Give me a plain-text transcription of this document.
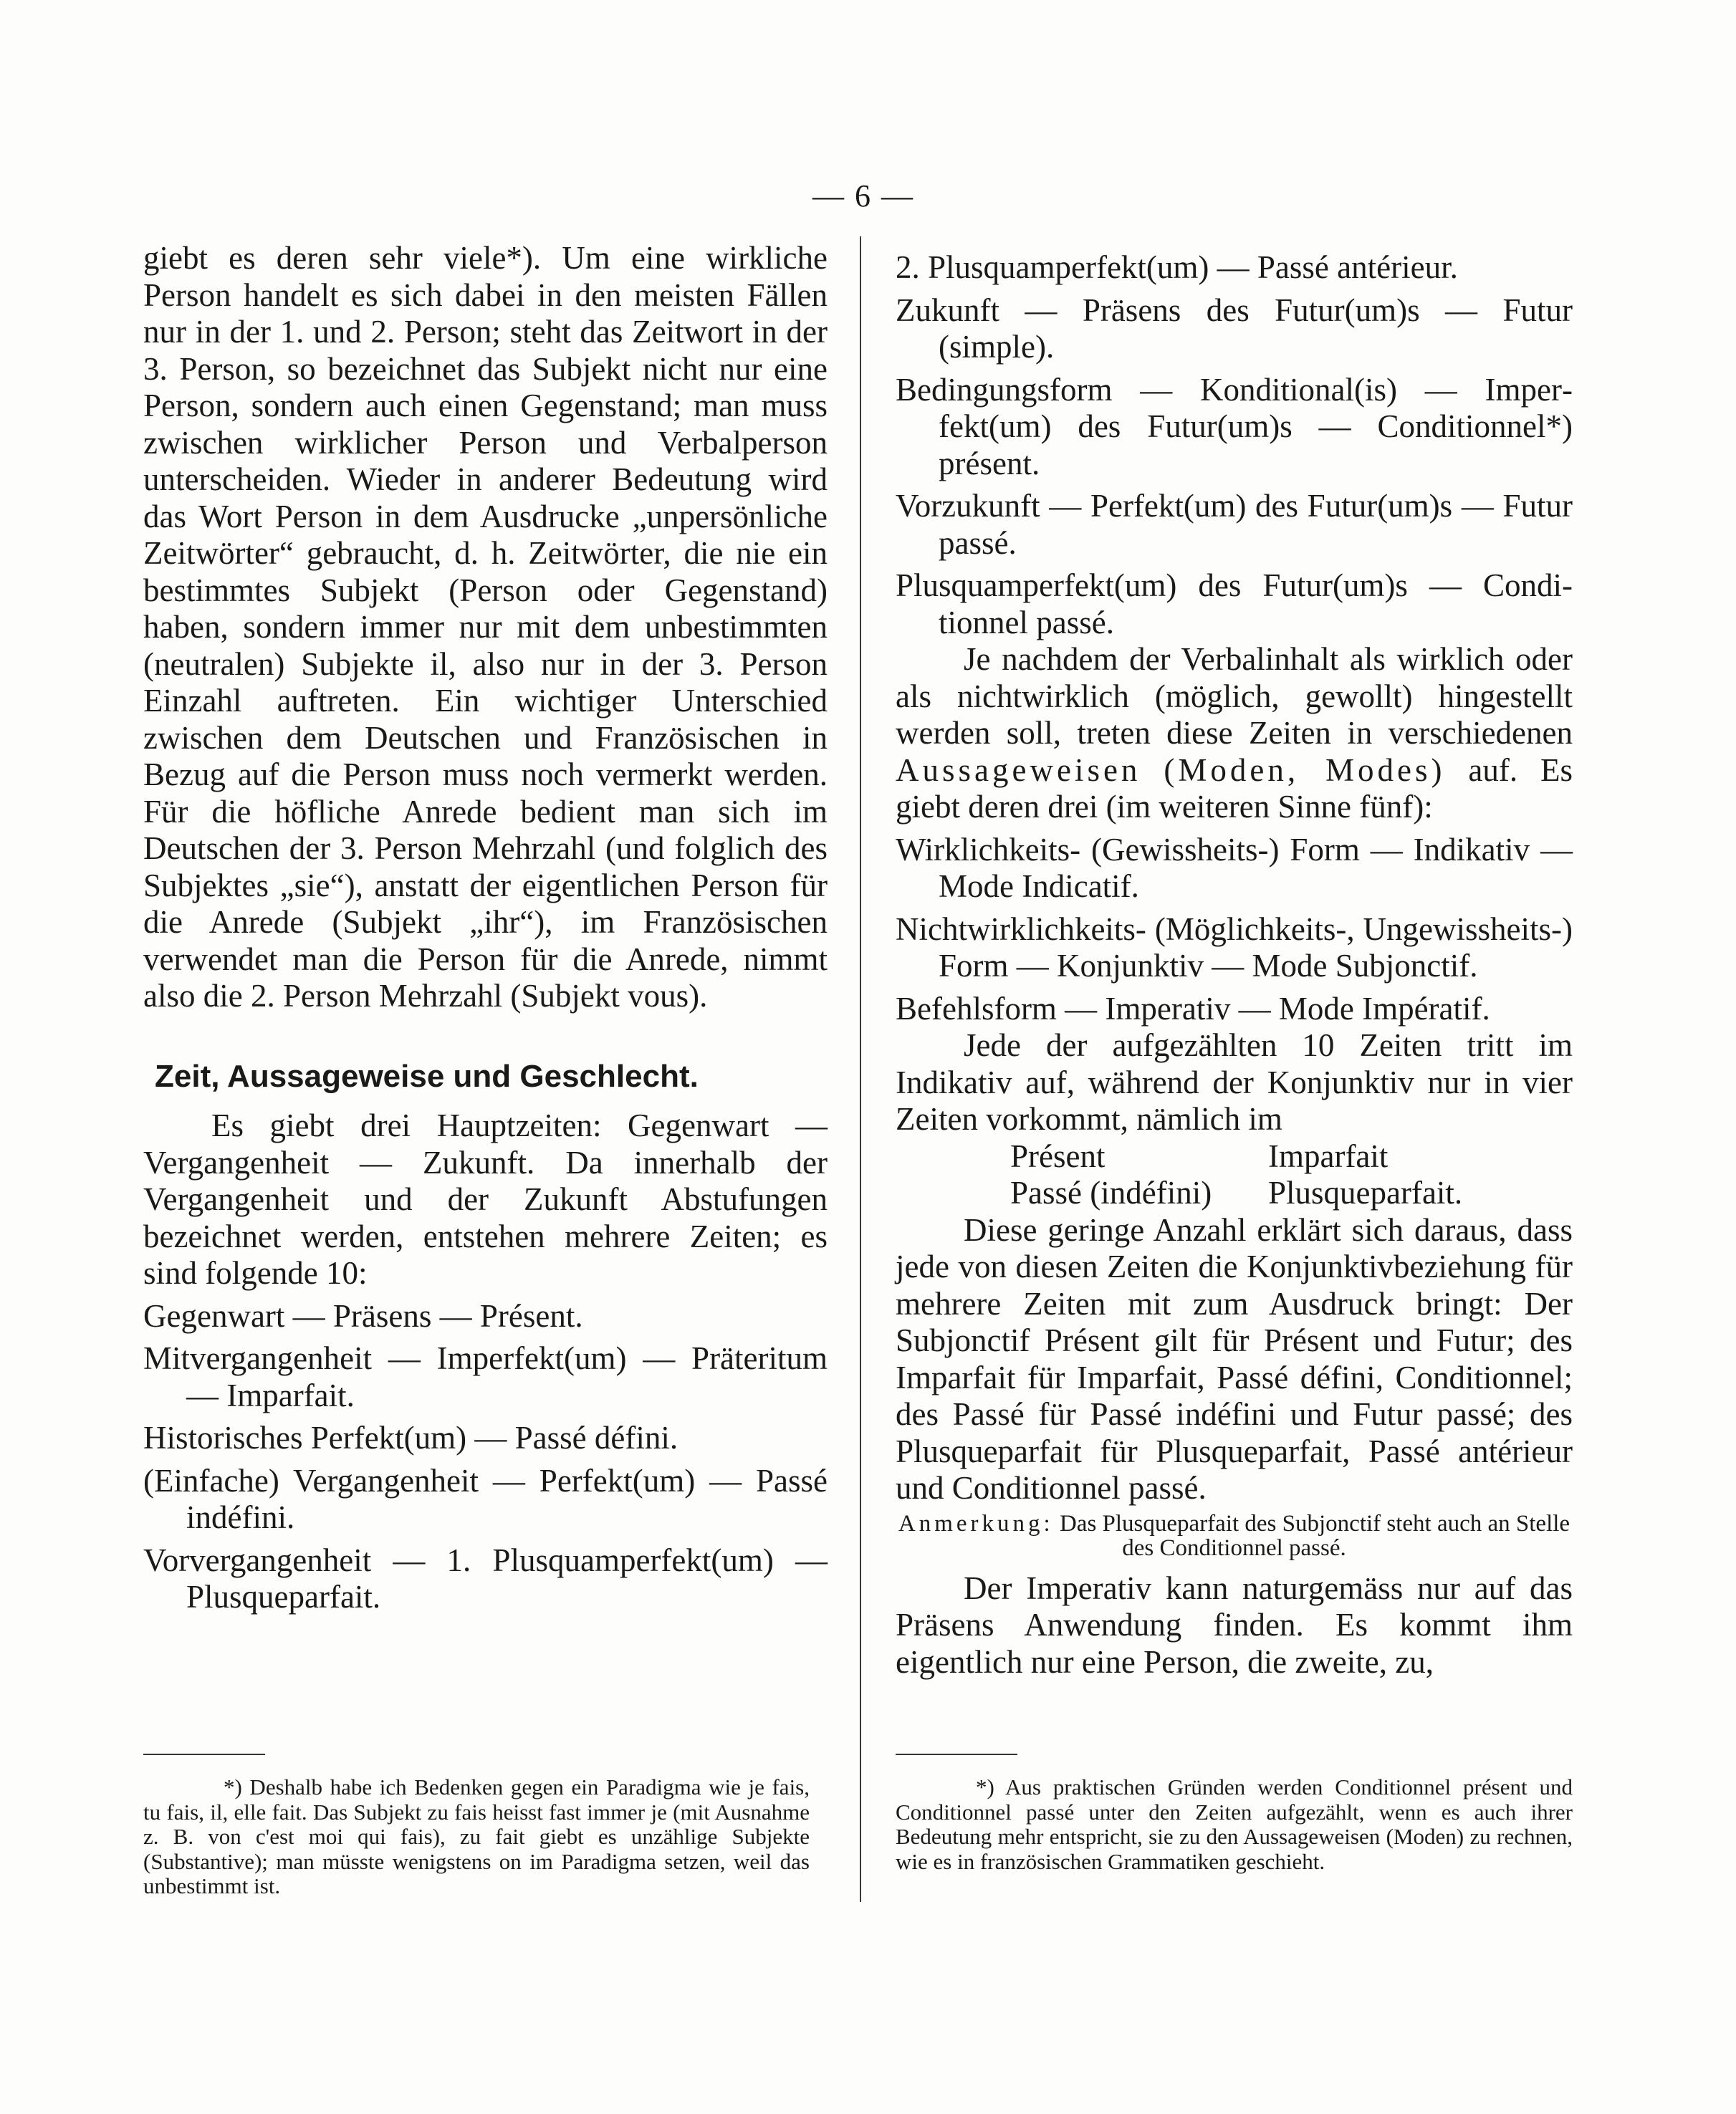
— 6 —

giebt es deren sehr viele*). Um eine wirkliche Person handelt es sich dabei in den meisten Fällen nur in der 1. und 2. Person; steht das Zeitwort in der 3. Person, so bezeichnet das Subjekt nicht nur eine Person, sondern auch einen Gegenstand; man muss zwischen wirklicher Person und Verbalperson unterscheiden. Wieder in anderer Bedeutung wird das Wort Person in dem Ausdrucke „unpersönliche Zeitwörter“ gebraucht, d. h. Zeitwörter, die nie ein bestimmtes Subjekt (Person oder Gegenstand) haben, sondern immer nur mit dem unbestimmten (neutralen) Subjekte il, also nur in der 3. Person Einzahl auftreten. Ein wichtiger Unterschied zwischen dem Deutschen und Französischen in Bezug auf die Person muss noch vermerkt werden. Für die höfliche Anrede bedient man sich im Deutschen der 3. Person Mehrzahl (und folglich des Subjektes „sie“), anstatt der eigentlichen Person für die Anrede (Subjekt „ihr“), im Französischen verwendet man die Person für die Anrede, nimmt also die 2. Person Mehrzahl (Subjekt vous).

Zeit, Aussageweise und Geschlecht.

Es giebt drei Hauptzeiten: Gegenwart — Vergangenheit — Zukunft. Da innerhalb der Vergangenheit und der Zukunft Abstufungen bezeichnet werden, entstehen mehrere Zeiten; es sind folgende 10:

Gegenwart — Präsens — Présent.

Mitvergangenheit — Imperfekt(um) — Präteritum — Imparfait.

Historisches Perfekt(um) — Passé défini.

(Einfache) Vergangenheit — Perfekt(um) — Passé indéfini.

Vorvergangenheit — 1. Plusquamperfekt(um) — Plusqueparfait.

2. Plusquamperfekt(um) — Passé antérieur.

Zukunft — Präsens des Futur(um)s — Futur (simple).

Bedingungsform — Konditional(is) — Imperfekt(um) des Futur(um)s — Conditionnel*) présent.

Vorzukunft — Perfekt(um) des Futur(um)s — Futur passé.

Plusquamperfekt(um) des Futur(um)s — Conditionnel passé.

Je nachdem der Verbalinhalt als wirklich oder als nichtwirklich (möglich, gewollt) hingestellt werden soll, treten diese Zeiten in verschiedenen Aussageweisen (Moden, Modes) auf. Es giebt deren drei (im weiteren Sinne fünf):

Wirklichkeits- (Gewissheits-) Form — Indikativ — Mode Indicatif.

Nichtwirklichkeits- (Möglichkeits-, Ungewissheits-) Form — Konjunktiv — Mode Subjonctif.

Befehlsform — Imperativ — Mode Impératif.

Jede der aufgezählten 10 Zeiten tritt im Indikativ auf, während der Konjunktiv nur in vier Zeiten vorkommt, nämlich im

Présent	Imparfait
Passé (indéfini)	Plusqueparfait.

Diese geringe Anzahl erklärt sich daraus, dass jede von diesen Zeiten die Konjunktivbeziehung für mehrere Zeiten mit zum Ausdruck bringt: Der Subjonctif Présent gilt für Présent und Futur; des Imparfait für Imparfait, Passé défini, Conditionnel; des Passé für Passé indéfini und Futur passé; des Plusqueparfait für Plusqueparfait, Passé antérieur und Conditionnel passé.

Anmerkung: Das Plusqueparfait des Subjonctif steht auch an Stelle des Conditionnel passé.

Der Imperativ kann naturgemäss nur auf das Präsens Anwendung finden. Es kommt ihm eigentlich nur eine Person, die zweite, zu,

*) Deshalb habe ich Bedenken gegen ein Paradigma wie je fais, tu fais, il, elle fait. Das Subjekt zu fais heisst fast immer je (mit Ausnahme z. B. von c'est moi qui fais), zu fait giebt es unzählige Subjekte (Substantive); man müsste wenigstens on im Paradigma setzen, weil das unbestimmt ist.
*) Aus praktischen Gründen werden Conditionnel présent und Conditionnel passé unter den Zeiten aufgezählt, wenn es auch ihrer Bedeutung mehr entspricht, sie zu den Aussageweisen (Moden) zu rechnen, wie es in französischen Grammatiken geschieht.
